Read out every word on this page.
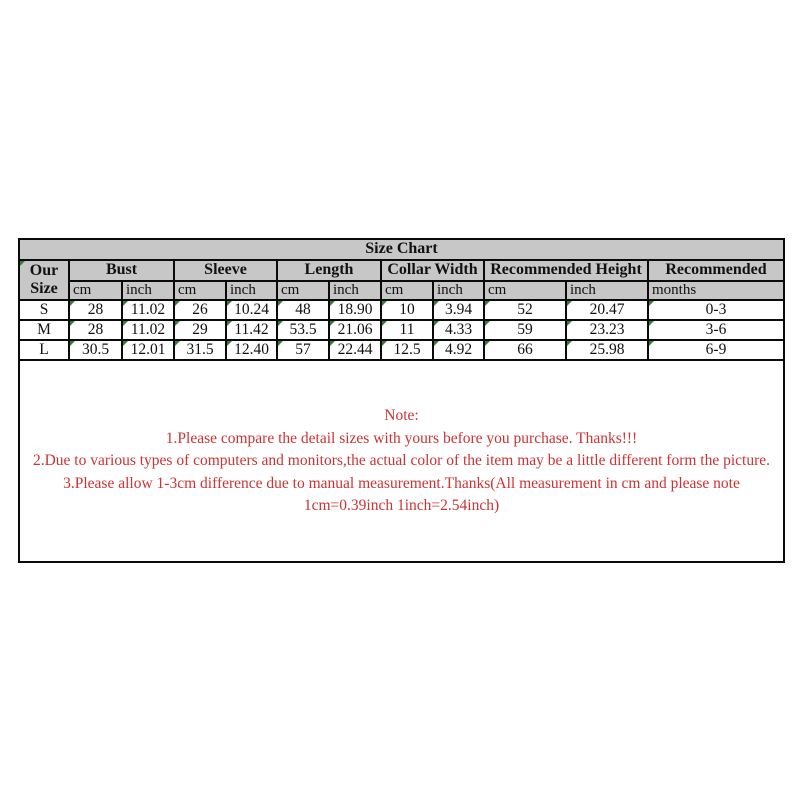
Size Chart											

Our
Size	Bust		Sleeve		Length		Collar Width		Recommended Height		Recommended
	cm	inch	cm	inch	cm	inch	cm	inch	cm	inch	months
S	28	11.02	26	10.24	48	18.90	10	3.94	52	20.47	0-3
M	28	11.02	29	11.42	53.5	21.06	11	4.33	59	23.23	3-6
L	30.5	12.01	31.5	12.40	57	22.44	12.5	4.92	66	25.98	6-9

Note:
1.Please compare the detail sizes with yours before you purchase. Thanks!!!
2.Due to various types of computers and monitors,the actual color of the item may be a little different form the picture.
3.Please allow 1-3cm difference due to manual measurement.Thanks(All measurement in cm and please note
1cm=0.39inch 1inch=2.54inch)											
